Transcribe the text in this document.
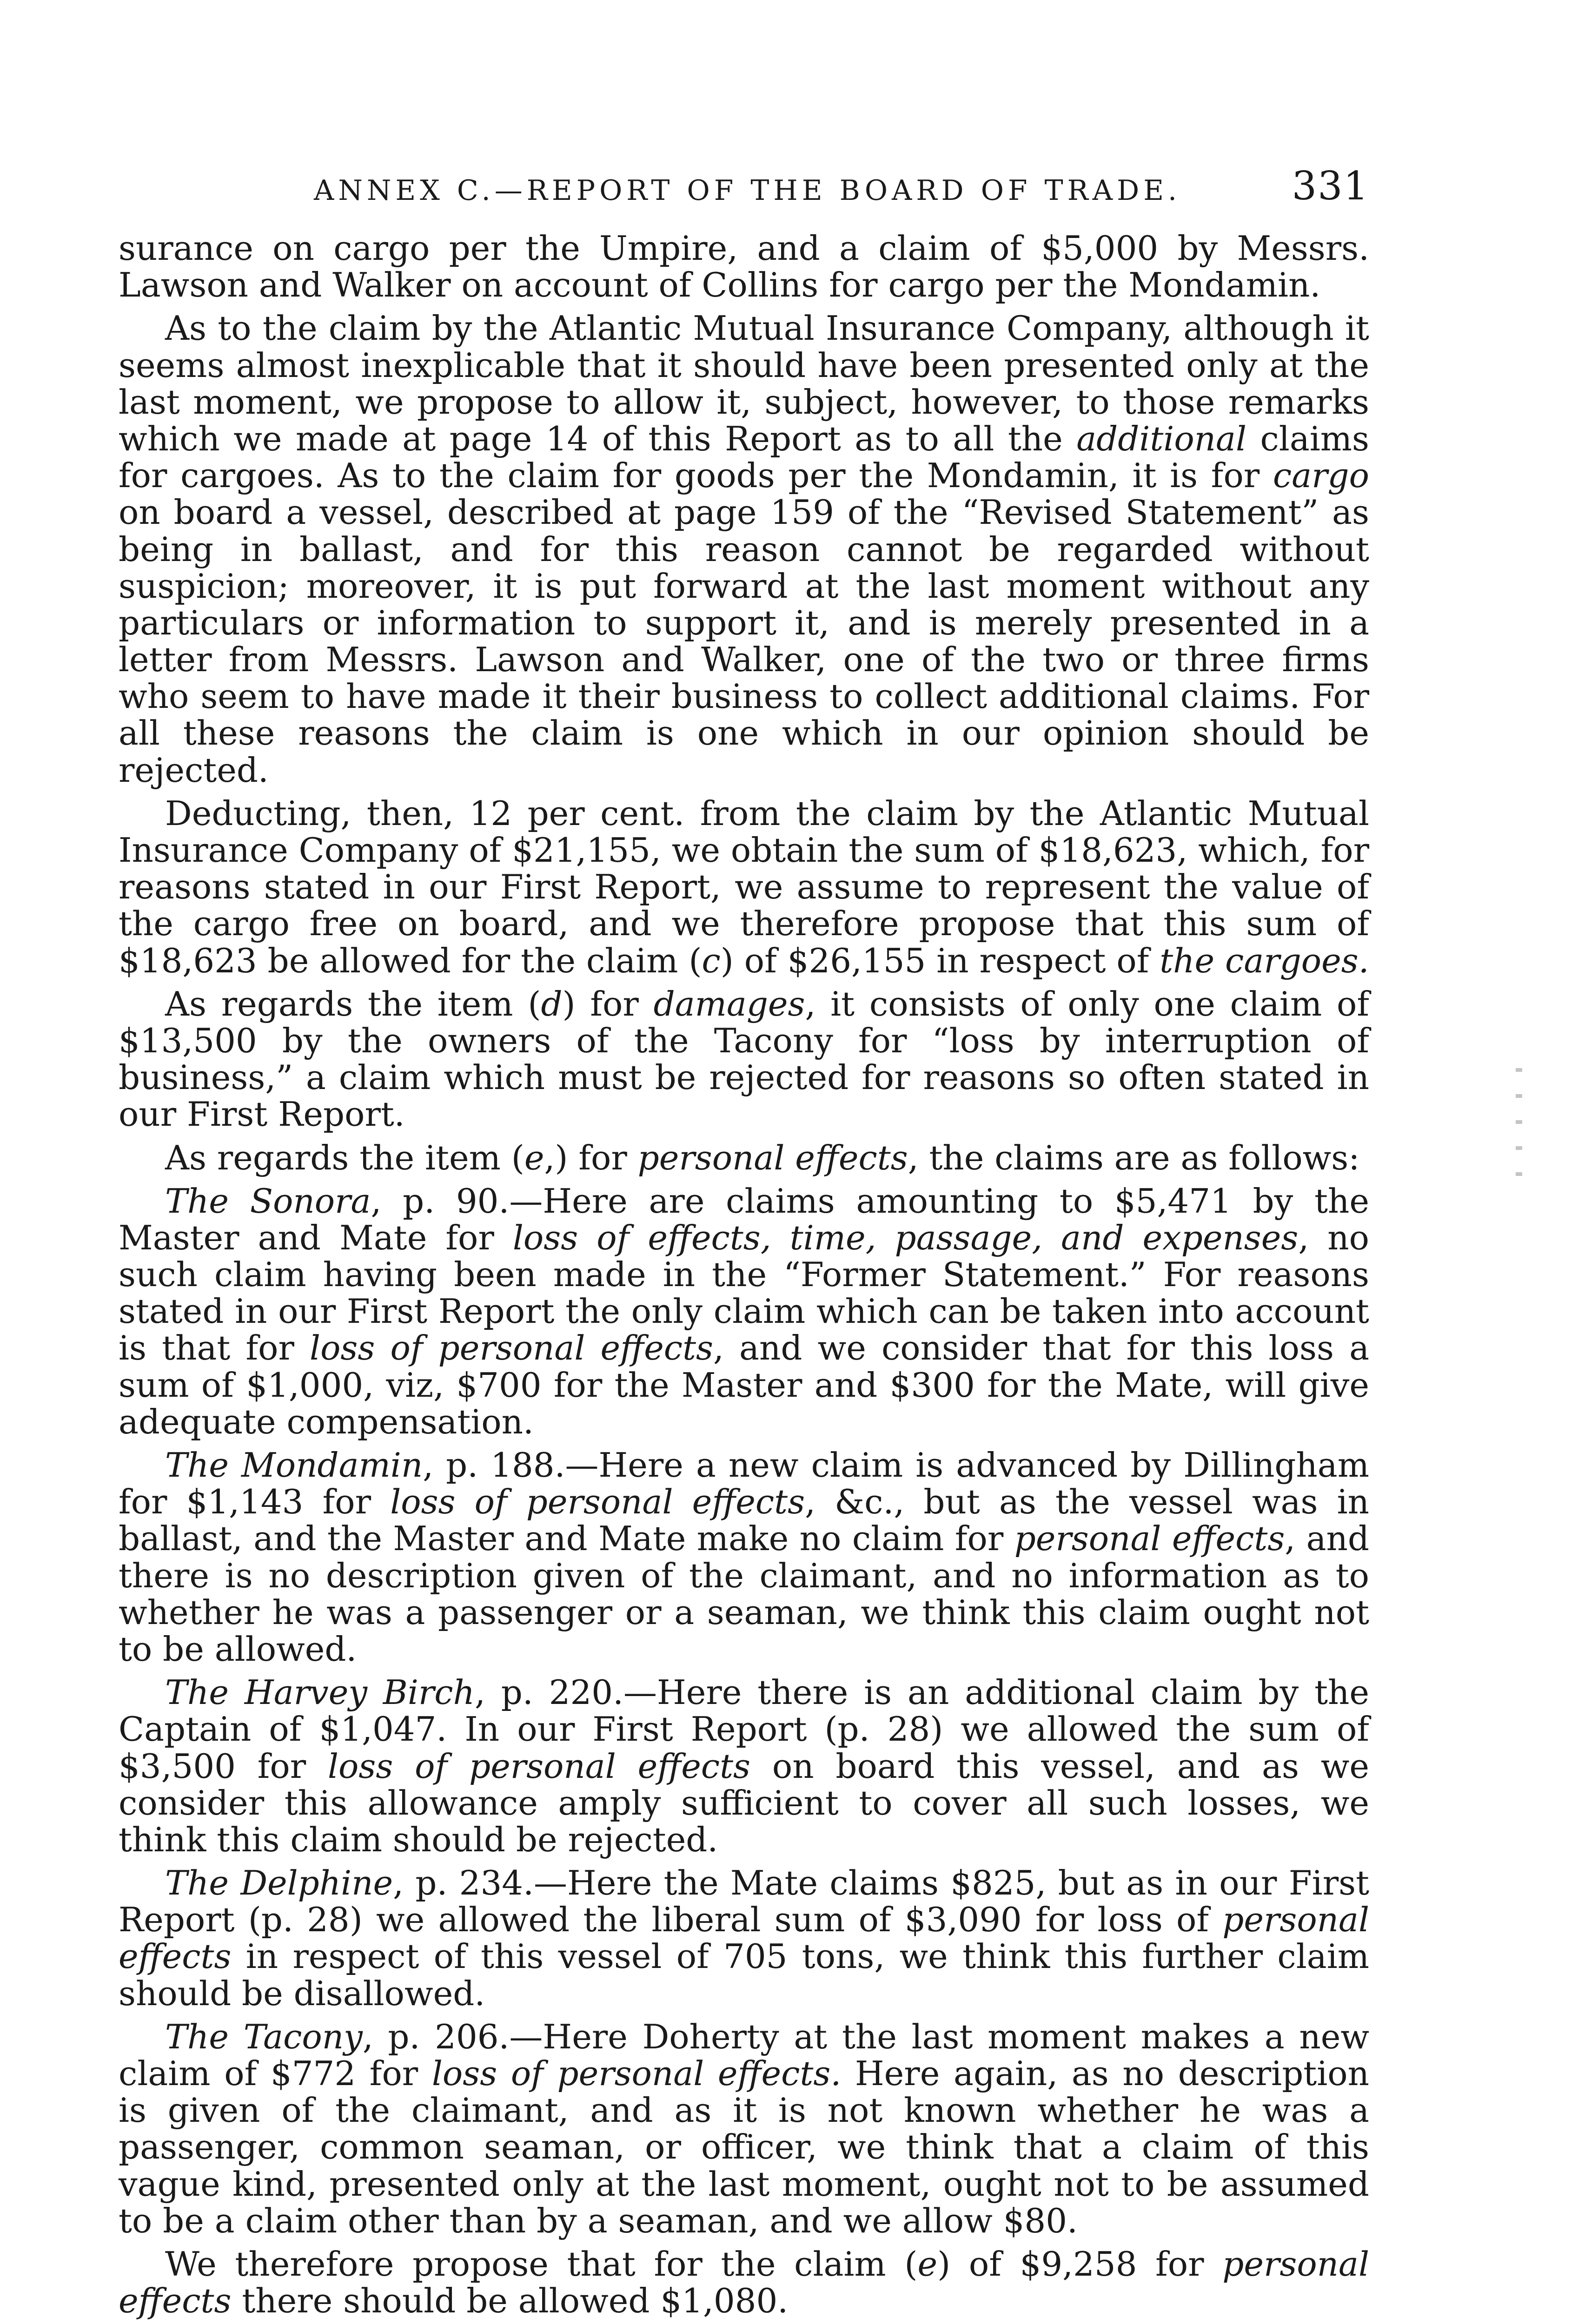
ANNEX C.—REPORT OF THE BOARD OF TRADE.	331

surance on cargo per the Umpire, and a claim of $5,000 by Messrs. Lawson and Walker on account of Collins for cargo per the Mondamin.

As to the claim by the Atlantic Mutual Insurance Company, although it seems almost inexplicable that it should have been presented only at the last moment, we propose to allow it, subject, however, to those remarks which we made at page 14 of this Report as to all the additional claims for cargoes. As to the claim for goods per the Mondamin, it is for cargo on board a vessel, described at page 159 of the “Revised Statement” as being in ballast, and for this reason cannot be regarded without suspicion; moreover, it is put forward at the last moment without any particulars or information to support it, and is merely presented in a letter from Messrs. Lawson and Walker, one of the two or three firms who seem to have made it their business to collect additional claims. For all these reasons the claim is one which in our opinion should be rejected.

Deducting, then, 12 per cent. from the claim by the Atlantic Mutual Insurance Company of $21,155, we obtain the sum of $18,623, which, for reasons stated in our First Report, we assume to represent the value of the cargo free on board, and we therefore propose that this sum of $18,623 be allowed for the claim (c) of $26,155 in respect of the cargoes.

As regards the item (d) for damages, it consists of only one claim of $13,500 by the owners of the Tacony for “loss by interruption of business,” a claim which must be rejected for reasons so often stated in our First Report.

As regards the item (e,) for personal effects, the claims are as follows:

The Sonora, p. 90.—Here are claims amounting to $5,471 by the Master and Mate for loss of effects, time, passage, and expenses, no such claim having been made in the “Former Statement.” For reasons stated in our First Report the only claim which can be taken into account is that for loss of personal effects, and we consider that for this loss a sum of $1,000, viz, $700 for the Master and $300 for the Mate, will give adequate compensation.

The Mondamin, p. 188.—Here a new claim is advanced by Dillingham for $1,143 for loss of personal effects, &c., but as the vessel was in ballast, and the Master and Mate make no claim for personal effects, and there is no description given of the claimant, and no information as to whether he was a passenger or a seaman, we think this claim ought not to be allowed.

The Harvey Birch, p. 220.—Here there is an additional claim by the Captain of $1,047. In our First Report (p. 28) we allowed the sum of $3,500 for loss of personal effects on board this vessel, and as we consider this allowance amply sufficient to cover all such losses, we think this claim should be rejected.

The Delphine, p. 234.—Here the Mate claims $825, but as in our First Report (p. 28) we allowed the liberal sum of $3,090 for loss of personal effects in respect of this vessel of 705 tons, we think this further claim should be disallowed.

The Tacony, p. 206.—Here Doherty at the last moment makes a new claim of $772 for loss of personal effects. Here again, as no description is given of the claimant, and as it is not known whether he was a passenger, common seaman, or officer, we think that a claim of this vague kind, presented only at the last moment, ought not to be assumed to be a claim other than by a seaman, and we allow $80.

We therefore propose that for the claim (e) of $9,258 for personal effects there should be allowed $1,080.
